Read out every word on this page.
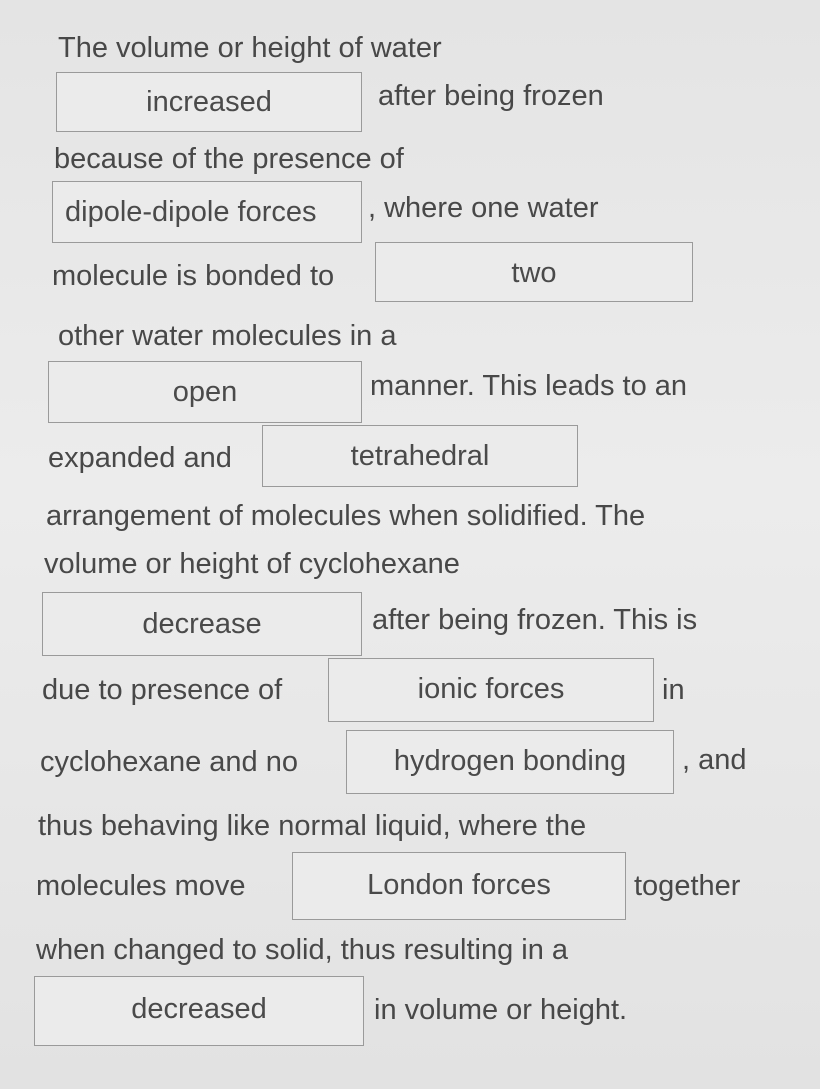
The volume or height of water
increased	after being frozen
because of the presence of
dipole-dipole forces	, where one water
molecule is bonded to	two
other water molecules in a
open	manner. This leads to an
expanded and	tetrahedral
arrangement of molecules when solidified. The
volume or height of cyclohexane
decrease	after being frozen. This is
due to presence of	ionic forces	in
cyclohexane and no	hydrogen bonding	, and
thus behaving like normal liquid, where the
molecules move	London forces	together
when changed to solid, thus resulting in a
decreased	in volume or height.
